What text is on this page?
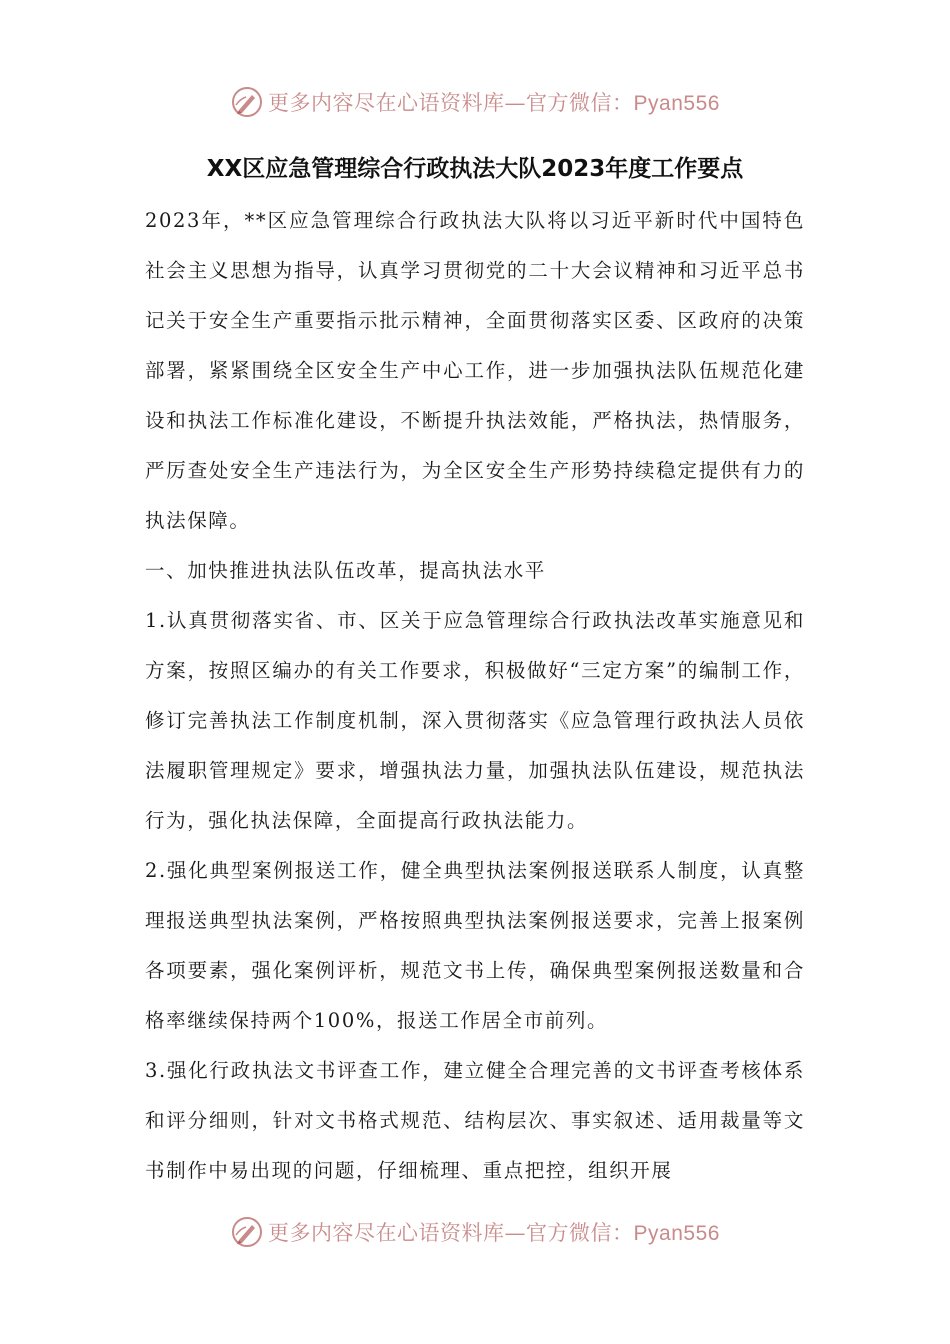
更多内容尽在心语资料库—官方微信：Pyan556
XX区应急管理综合行政执法大队2023年度工作要点

2023年，**区应急管理综合行政执法大队将以习近平新时代中国特色社会主义思想为指导，认真学习贯彻党的二十大会议精神和习近平总书记关于安全生产重要指示批示精神，全面贯彻落实区委、区政府的决策部署，紧紧围绕全区安全生产中心工作，进一步加强执法队伍规范化建设和执法工作标准化建设，不断提升执法效能，严格执法，热情服务，严厉查处安全生产违法行为，为全区安全生产形势持续稳定提供有力的执法保障。

一、加快推进执法队伍改革，提高执法水平

1.认真贯彻落实省、市、区关于应急管理综合行政执法改革实施意见和方案，按照区编办的有关工作要求，积极做好“三定方案”的编制工作，修订完善执法工作制度机制，深入贯彻落实《应急管理行政执法人员依法履职管理规定》要求，增强执法力量，加强执法队伍建设，规范执法行为，强化执法保障，全面提高行政执法能力。

2.强化典型案例报送工作，健全典型执法案例报送联系人制度，认真整理报送典型执法案例，严格按照典型执法案例报送要求，完善上报案例各项要素，强化案例评析，规范文书上传，确保典型案例报送数量和合格率继续保持两个100%，报送工作居全市前列。

3.强化行政执法文书评查工作，建立健全合理完善的文书评查考核体系和评分细则，针对文书格式规范、结构层次、事实叙述、适用裁量等文书制作中易出现的问题，仔细梳理、重点把控，组织开展

更多内容尽在心语资料库—官方微信：Pyan556
